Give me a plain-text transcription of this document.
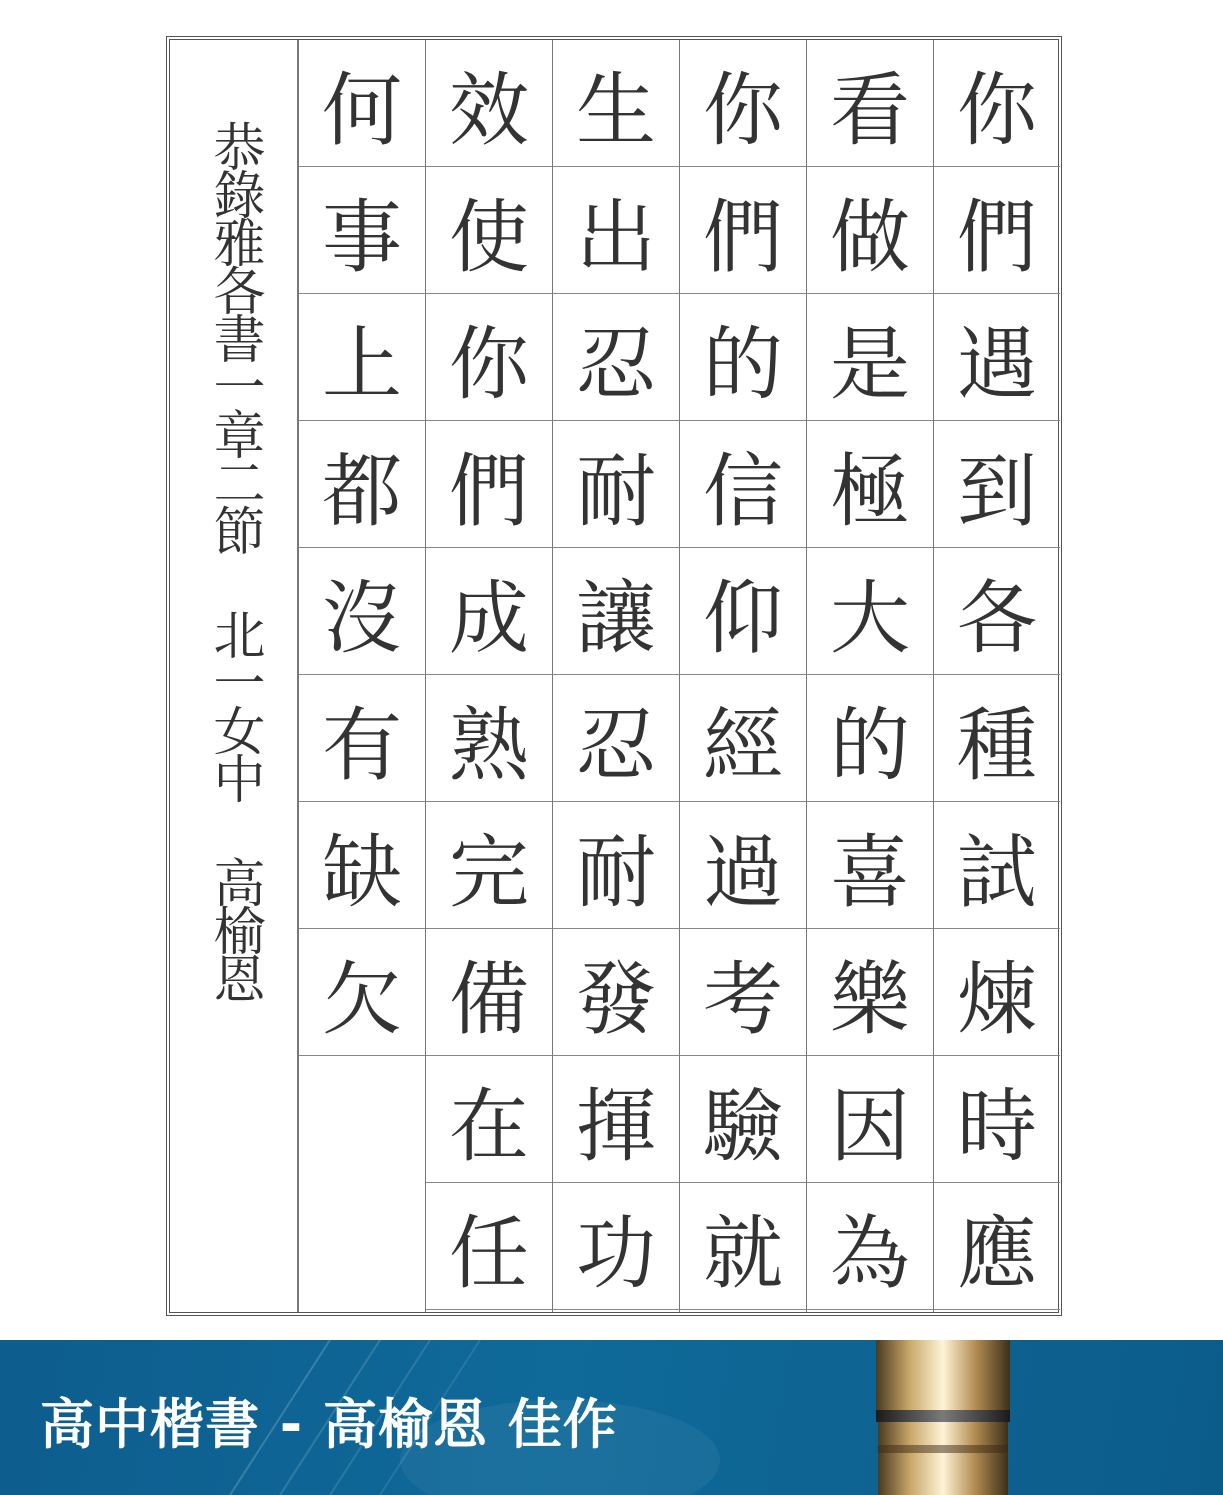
恭錄雅各書一章二節 北一女中 高榆恩
你
們
遇
到
各
種
試
煉
時
應
看
做
是
極
大
的
喜
樂
因
為
你
們
的
信
仰
經
過
考
驗
就
生
出
忍
耐
讓
忍
耐
發
揮
功
效
使
你
們
成
熟
完
備
在
任
何
事
上
都
沒
有
缺
欠
高中楷書 - 高榆恩 佳作
